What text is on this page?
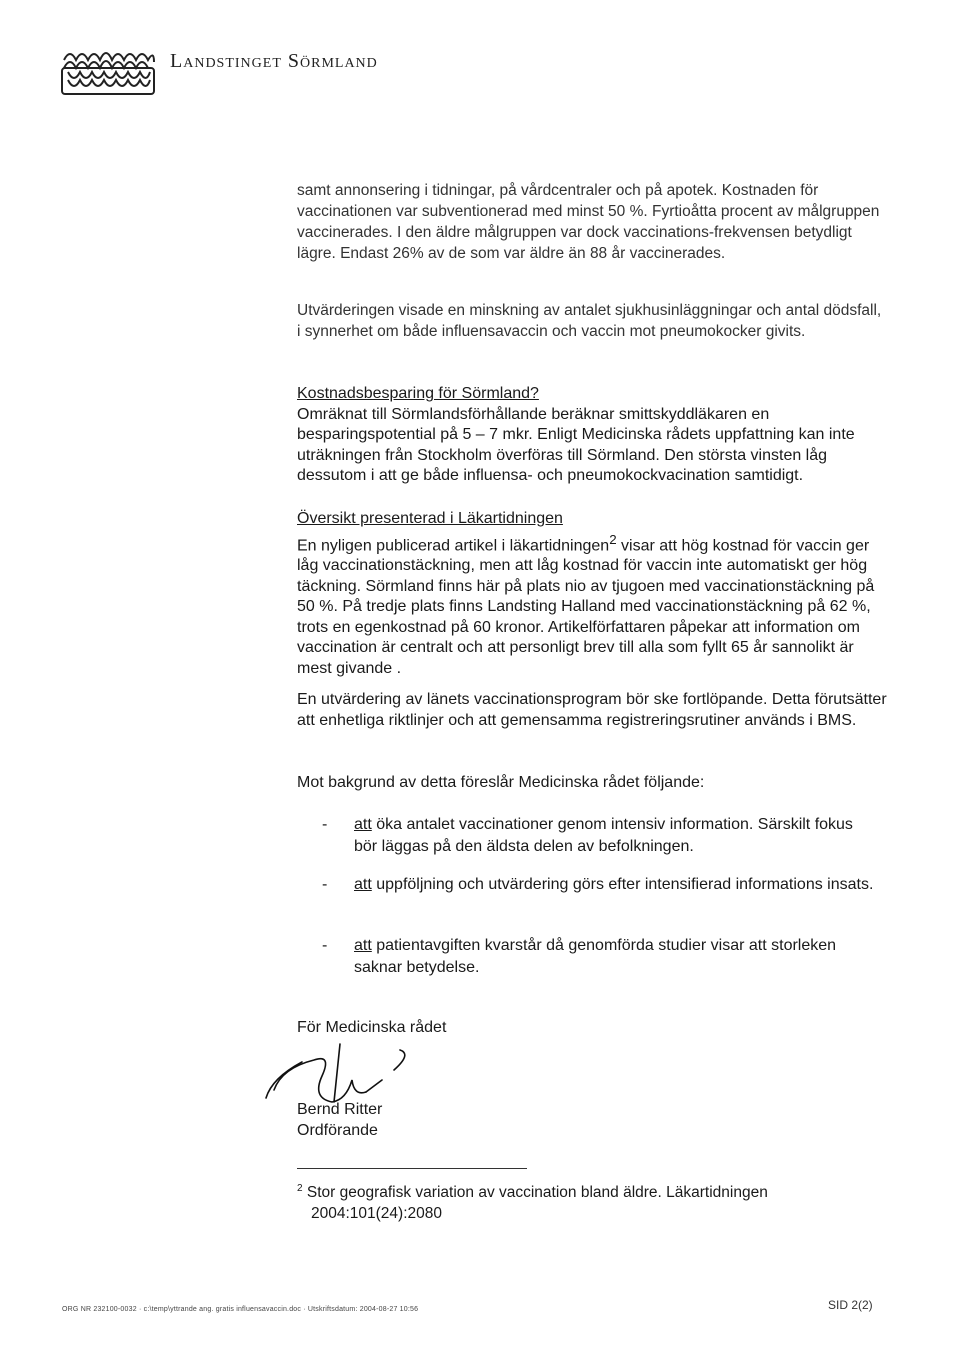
Landstinget Sörmland

samt annonsering i tidningar, på vårdcentraler och på apotek. Kostnaden för vaccinationen var subventionerad med minst 50 %. Fyrtioåtta procent av målgruppen vaccinerades. I den äldre målgruppen var dock vaccinations-frekvensen betydligt lägre. Endast 26% av de som var äldre än 88 år vaccinerades.

Utvärderingen visade en minskning av antalet sjukhusinläggningar och antal dödsfall, i synnerhet om både influensavaccin och vaccin mot pneumokocker givits.

Kostnadsbesparing för Sörmland?
Omräknat till Sörmlandsförhållande beräknar smittskyddläkaren en besparingspotential på 5 – 7 mkr. Enligt Medicinska rådets uppfattning kan inte uträkningen från Stockholm överföras till Sörmland. Den största vinsten låg dessutom i att ge både influensa- och pneumokockvacination samtidigt.
Översikt presenterad i Läkartidningen
En nyligen publicerad artikel i läkartidningen$^2$ visar att hög kostnad för vaccin ger låg vaccinationstäckning, men att låg kostnad för vaccin inte automatiskt ger hög täckning. Sörmland finns här på plats nio av tjugoen med vaccinationstäckning på 50 %. På tredje plats finns Landsting Halland med vaccinationstäckning på 62 %, trots en egenkostnad på 60 kronor. Artikelförfattaren påpekar att information om vaccination är centralt och att personligt brev till alla som fyllt 65 år sannolikt är mest givande .

En utvärdering av länets vaccinationsprogram bör ske fortlöpande. Detta förutsätter att enhetliga riktlinjer och att gemensamma registreringsrutiner används i BMS.

Mot bakgrund av detta föreslår Medicinska rådet följande:

- att öka antalet vaccinationer genom intensiv information. Särskilt fokus bör läggas på den äldsta delen av befolkningen.
- att uppföljning och utvärdering görs efter intensifierad informations insats.
- att patientavgiften kvarstår då genomförda studier visar att storleken saknar betydelse.
För Medicinska rådet
Bernd Ritter
Ordförande
$^2$ Stor geografisk variation av vaccination bland äldre. Läkartidningen
2004:101(24):2080
ORG NR 232100-0032 · c:\temp\yttrande ang. gratis influensavaccin.doc · Utskriftsdatum: 2004-08-27 10:56	SID 2(2)
